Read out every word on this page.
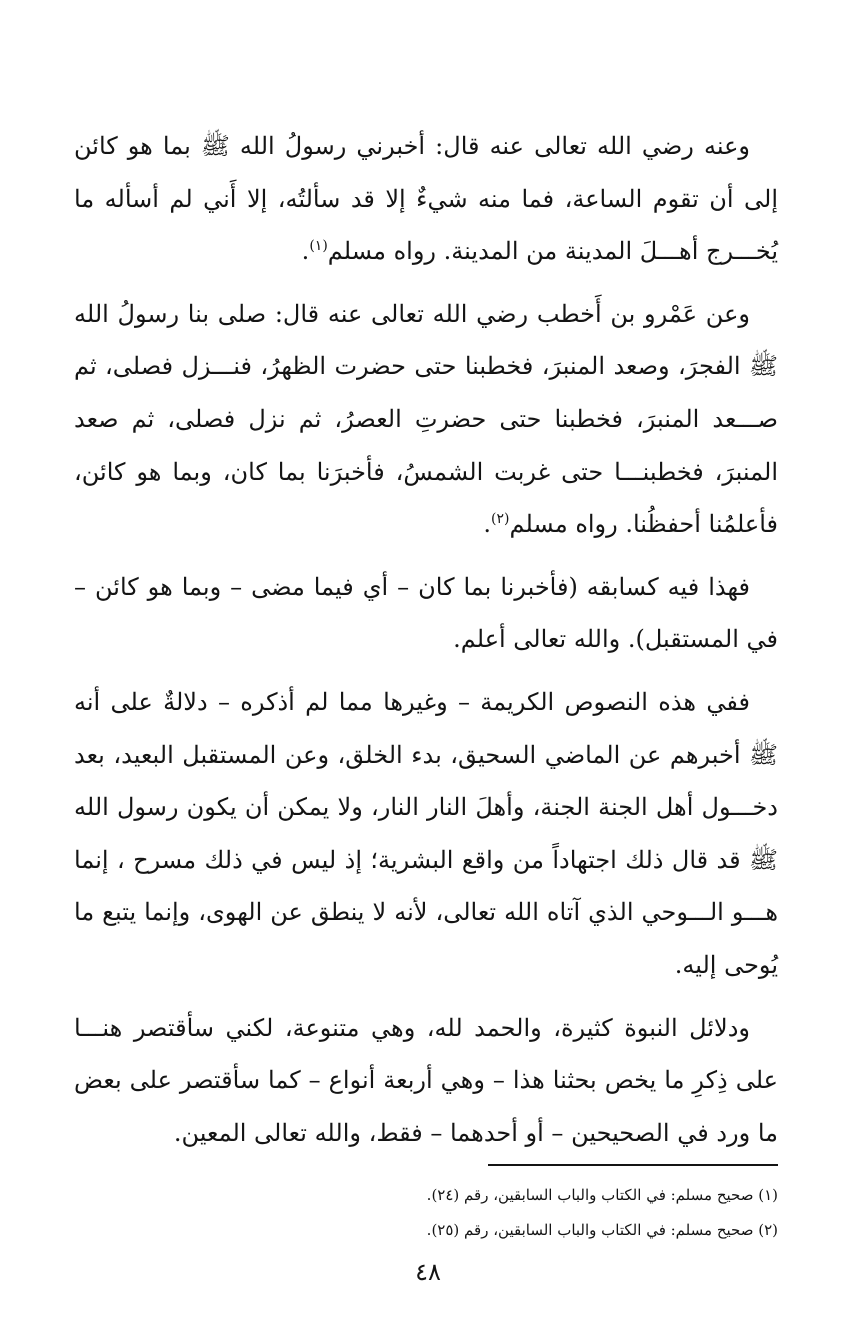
وعنه رضي الله تعالى عنه قال: أخبرني رسولُ الله ﷺ بما هو كائن إلى أن تقوم الساعة، فما منه شيءٌ إلا قد سألتُه، إلا أَني لم أسأله ما يُخـــرج أهـــلَ المدينة من المدينة. رواه مسلم$^{(١)}$.

وعن عَمْرو بن أَخطب رضي الله تعالى عنه قال: صلى بنا رسولُ الله ﷺ الفجرَ، وصعد المنبرَ، فخطبنا حتى حضرت الظهرُ، فنـــزل فصلى، ثم صـــعد المنبرَ، فخطبنا حتى حضرتِ العصرُ، ثم نزل فصلى، ثم صعد المنبرَ، فخطبنـــا حتى غربت الشمسُ، فأخبرَنا بما كان، وبما هو كائن، فأعلمُنا أحفظُنا. رواه مسلم$^{(٢)}$.

فهذا فيه كسابقه (فأخبرنا بما كان – أي فيما مضى – وبما هو كائن – في المستقبل). والله تعالى أعلم.

ففي هذه النصوص الكريمة – وغيرها مما لم أذكره – دلالةٌ على أنه ﷺ أخبرهم عن الماضي السحيق، بدء الخلق، وعن المستقبل البعيد، بعد دخـــول أهل الجنة الجنة، وأهلَ النار النار، ولا يمكن أن يكون رسول الله ﷺ قد قال ذلك اجتهاداً من واقع البشرية؛ إذ ليس في ذلك مسرح ، إنما هـــو الـــوحي الذي آتاه الله تعالى، لأنه لا ينطق عن الهوى، وإنما يتبع ما يُوحى إليه.

ودلائل النبوة كثيرة، والحمد لله، وهي متنوعة، لكني سأقتصر هنـــا على ذِكرِ ما يخص بحثنا هذا – وهي أربعة أنواع – كما سأقتصر على بعض ما ورد في الصحيحين – أو أحدهما – فقط، والله تعالى المعين.

(١) صحيح مسلم: في الكتاب والباب السابقين، رقم (٢٤).

(٢) صحيح مسلم: في الكتاب والباب السابقين، رقم (٢٥).

٤٨
